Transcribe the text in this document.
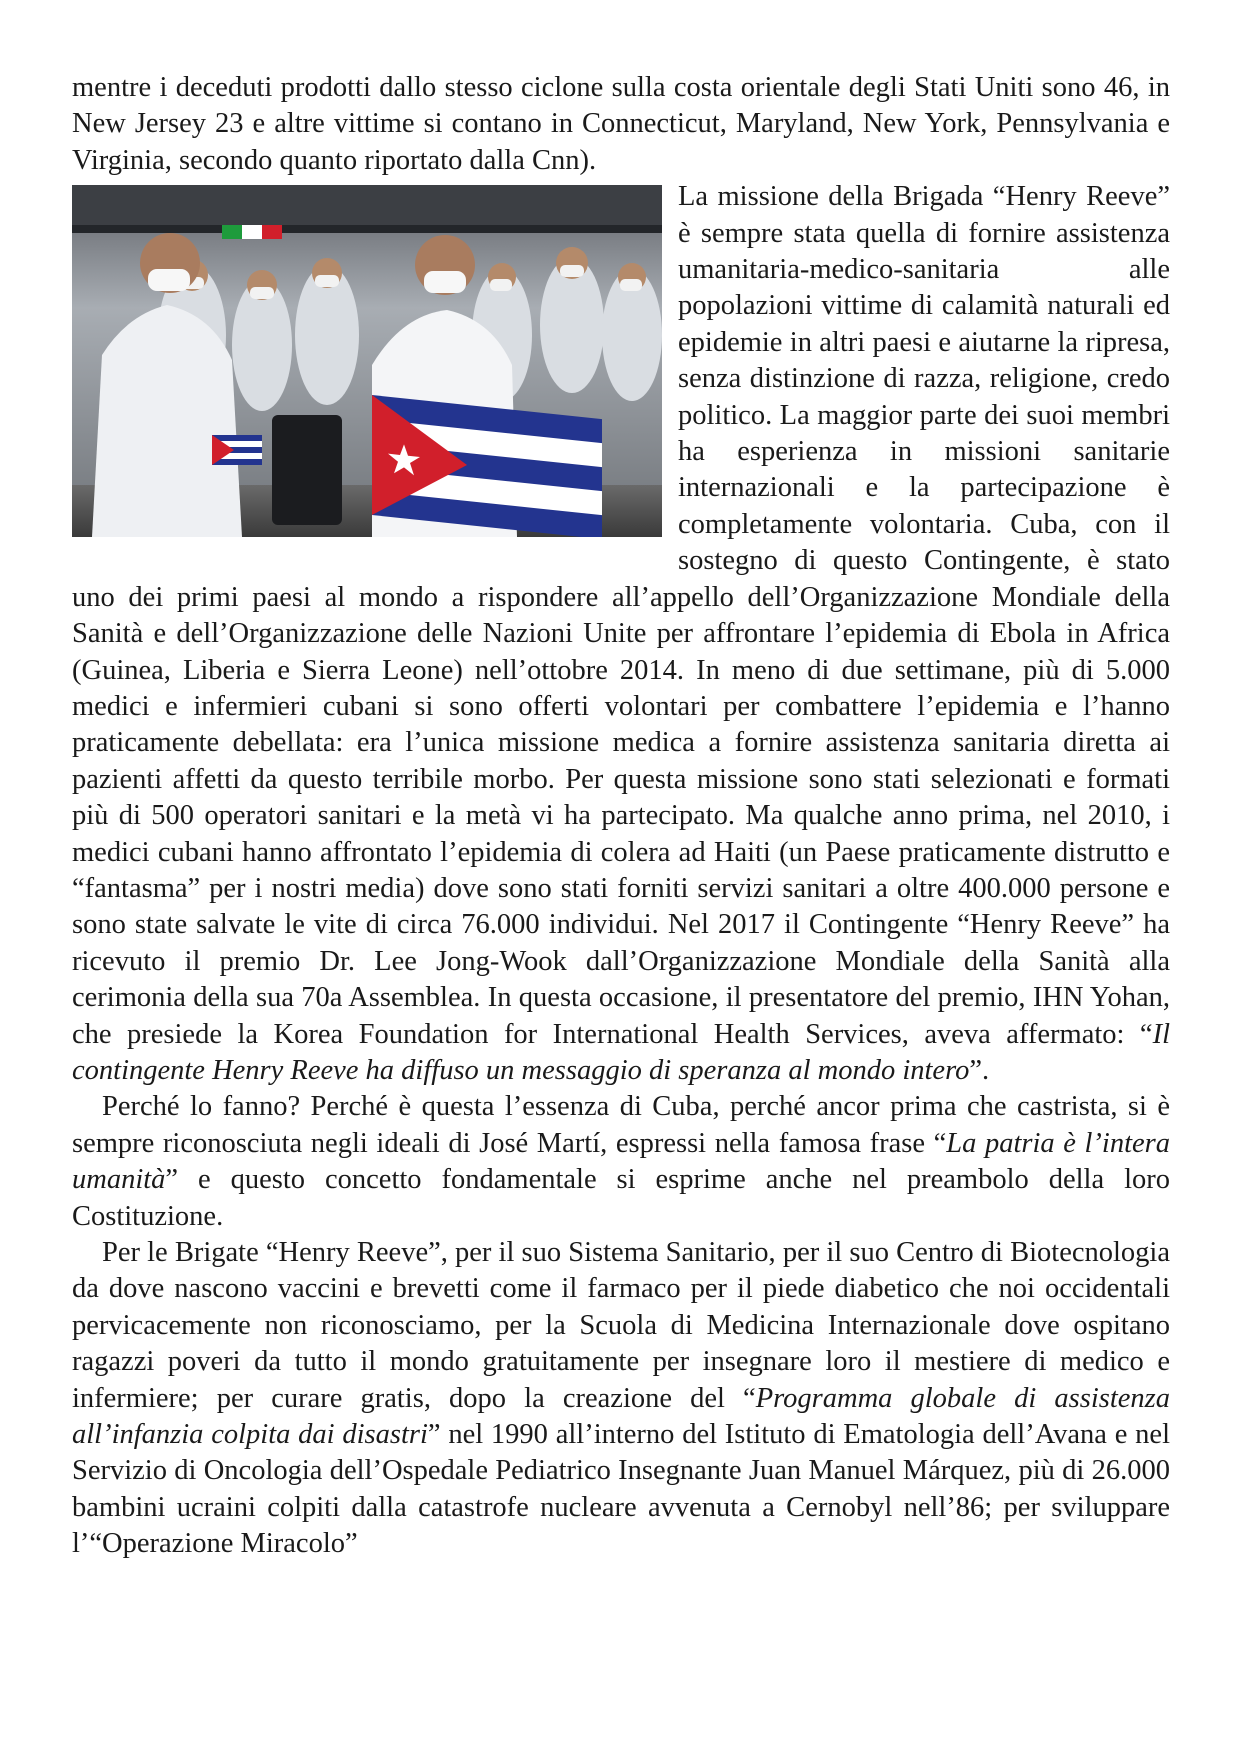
mentre i deceduti prodotti dallo stesso ciclone sulla costa orientale degli Stati Uniti sono 46, in New Jersey 23 e altre vittime si contano in Connecticut, Maryland, New York, Pennsylvania e Virginia, secondo quanto riportato dalla Cnn).

La missione della Brigada “Henry Reeve” è sempre stata quella di fornire assistenza umanitaria-medico-sanitaria alle popolazioni vittime di calamità naturali ed epidemie in altri paesi e aiutarne la ripresa, senza distinzione di razza, religione, credo politico. La maggior parte dei suoi membri ha esperienza in missioni sanitarie internazionali e la partecipazione è completamente volontaria. Cuba, con il sostegno di questo Contingente, è stato uno dei primi paesi al mondo a rispondere all’appello dell’Organizzazione Mondiale della Sanità e dell’Organizzazione delle Nazioni Unite per affrontare l’epidemia di Ebola in Africa (Guinea, Liberia e Sierra Leone) nell’ottobre 2014. In meno di due settimane, più di 5.000 medici e infermieri cubani si sono offerti volontari per combattere l’epidemia e l’hanno praticamente debellata: era l’unica missione medica a fornire assistenza sanitaria diretta ai pazienti affetti da questo terribile morbo. Per questa missione sono stati selezionati e formati più di 500 operatori sanitari e la metà vi ha partecipato. Ma qualche anno prima, nel 2010, i medici cubani hanno affrontato l’epidemia di colera ad Haiti (un Paese praticamente distrutto e “fantasma” per i nostri media) dove sono stati forniti servizi sanitari a oltre 400.000 persone e sono state salvate le vite di circa 76.000 individui. Nel 2017 il Contingente “Henry Reeve” ha ricevuto il premio Dr. Lee Jong-Wook dall’Organizzazione Mondiale della Sanità alla cerimonia della sua 70a Assemblea. In questa occasione, il presentatore del premio, IHN Yohan, che presiede la Korea Foundation for International Health Services, aveva affermato: “Il contingente Henry Reeve ha diffuso un messaggio di speranza al mondo intero”.

Perché lo fanno? Perché è questa l’essenza di Cuba, perché ancor prima che castrista, si è sempre riconosciuta negli ideali di José Martí, espressi nella famosa frase “La patria è l’intera umanità” e questo concetto fondamentale si esprime anche nel preambolo della loro Costituzione.

Per le Brigate “Henry Reeve”, per il suo Sistema Sanitario, per il suo Centro di Biotecnologia da dove nascono vaccini e brevetti come il farmaco per il piede diabetico che noi occidentali pervicacemente non riconosciamo, per la Scuola di Medicina Internazionale dove ospitano ragazzi poveri da tutto il mondo gratuitamente per insegnare loro il mestiere di medico e infermiere; per curare gratis, dopo la creazione del “Programma globale di assistenza all’infanzia colpita dai disastri” nel 1990 all’interno del Istituto di Ematologia dell’Avana e nel Servizio di Oncologia dell’Ospedale Pediatrico Insegnante Juan Manuel Márquez, più di 26.000 bambini ucraini colpiti dalla catastrofe nucleare avvenuta a Cernobyl nell’86; per sviluppare l’“Operazione Miracolo”
